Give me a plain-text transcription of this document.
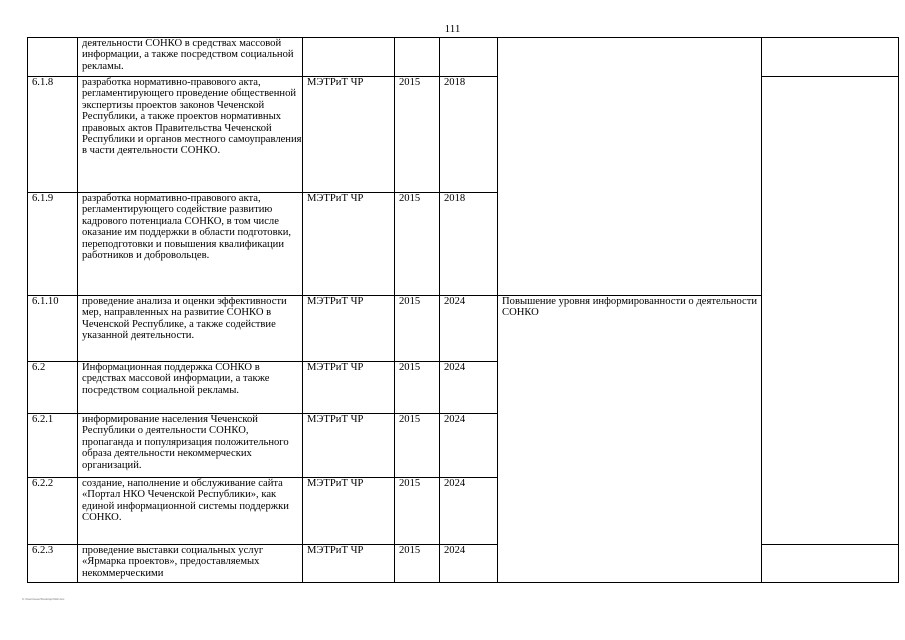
111
	деятельности СОНКО в средствах массовой информации, а также посредством социальной рекламы.					
6.1.8	разработка нормативно-правового акта, регламентирующего проведение общественной экспертизы проектов законов Чеченской Республики, а также проектов нормативных правовых актов Правительства Чеченской Республики и органов местного самоуправления в части деятельности СОНКО.	МЭТРиТ ЧР	2015	2018		
6.1.9	разработка нормативно-правового акта, регламентирующего содействие развитию кадрового потенциала СОНКО, в том числе оказание им поддержки в области подготовки, переподготовки и повышения квалификации работников и добровольцев.	МЭТРиТ ЧР	2015	2018		
6.1.10	проведение анализа и оценки эффективности мер, направленных на развитие СОНКО в Чеченской Республике, а также содействие указанной деятельности.	МЭТРиТ ЧР	2015	2024	Повышение уровня информированности о деятельности СОНКО	
6.2	Информационная поддержка СОНКО в средствах массовой информации, а также посредством социальной рекламы.	МЭТРиТ ЧР	2015	2024		
6.2.1	информирование населения Чеченской Республики о деятельности СОНКО, пропаганда и популяризация положительного образа деятельности некоммерческих организаций.	МЭТРиТ ЧР	2015	2024		
6.2.2	создание, наполнение и обслуживание сайта «Портал НКО Чеченской Республики», как единой информационной системы поддержки СОНКО.	МЭТРиТ ЧР	2015	2024		
6.2.3	проведение выставки социальных услуг «Ярмарка проектов», предоставляемых некоммерческими	МЭТРиТ ЧР	2015	2024		
C:\Users\user\Desktop\ЗНК.doc
